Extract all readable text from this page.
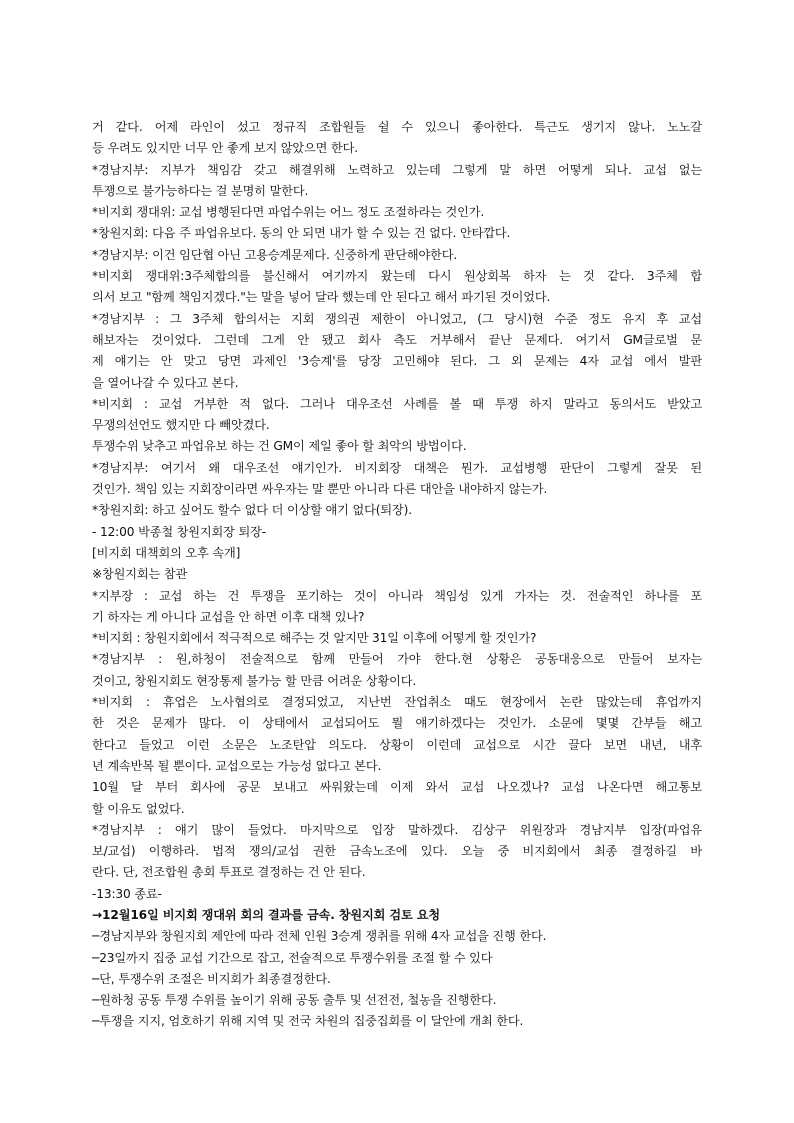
거 같다. 어제 라인이 섰고 정규직 조합원들 쉴 수 있으니 좋아한다. 특근도 생기지 않나. 노노갈
등 우려도 있지만 너무 안 좋게 보지 않았으면 한다.
*경남지부: 지부가 책임감 갖고 해결위해 노력하고 있는데 그렇게 말 하면 어떻게 되나. 교섭 없는
투쟁으로 불가능하다는 걸 분명히 말한다.
*비지회 쟁대위: 교섭 병행된다면 파업수위는 어느 정도 조절하라는 것인가.
*창원지회: 다음 주 파업유보다. 동의 안 되면 내가 할 수 있는 건 없다. 안타깝다.
*경남지부: 이건 임단협 아닌 고용승계문제다. 신중하게 판단해야한다.
*비지회 쟁대위:3주체합의를 불신해서 여기까지 왔는데 다시 원상회복 하자 는 것 같다. 3주체 합
의서 보고 "함께 책임지겠다."는 말을 넣어 달라 했는데 안 된다고 해서 파기된 것이었다.
*경남지부 : 그 3주체 합의서는 지회 쟁의권 제한이 아니었고, (그 당시)현 수준 정도 유지 후 교섭
해보자는 것이었다. 그런데 그게 안 됐고 회사 측도 거부해서 끝난 문제다. 여기서 GM글로벌 문
제 얘기는 안 맞고 당면 과제인 '3승계'를 당장 고민해야 된다. 그 외 문제는 4자 교섭 에서 발판
을 열어나갈 수 있다고 본다.
*비지회 : 교섭 거부한 적 없다. 그러나 대우조선 사례를 볼 때 투쟁 하지 말라고 동의서도 받았고
무쟁의선언도 했지만 다 빼앗겼다.
투쟁수위 낮추고 파업유보 하는 건 GM이 제일 좋아 할 최악의 방법이다.
*경남지부: 여기서 왜 대우조선 얘기인가. 비지회장 대책은 뭔가. 교섭병행 판단이 그렇게 잘못 된
것인가. 책임 있는 지회장이라면 싸우자는 말 뿐만 아니라 다른 대안을 내야하지 않는가.
*창원지회: 하고 싶어도 할수 없다 더 이상할 얘기 없다(퇴장).
- 12:00 박종철 창원지회장 퇴장-
[비지회 대책회의 오후 속개]
※창원지회는 참관
*지부장 : 교섭 하는 건 투쟁을 포기하는 것이 아니라 책임성 있게 가자는 것. 전술적인 하나를 포
기 하자는 게 아니다 교섭을 안 하면 이후 대책 있나?
*비지회 : 창원지회에서 적극적으로 해주는 것 알지만 31일 이후에 어떻게 할 것인가?
*경남지부 : 원,하청이 전술적으로 함께 만들어 가야 한다.현 상황은 공동대응으로 만들어 보자는
것이고, 창원지회도 현장통제 불가능 할 만큼 어려운 상황이다.
*비지회 : 휴업은 노사협의로 결정되었고, 지난번 잔업취소 때도 현장에서 논란 많았는데 휴업까지
한 것은 문제가 많다. 이 상태에서 교섭되어도 뭘 얘기하겠다는 것인가. 소문에 몇몇 간부들 해고
한다고 들었고 이런 소문은 노조탄압 의도다. 상황이 이런데 교섭으로 시간 끌다 보면 내년, 내후
년 계속반복 될 뿐이다. 교섭으로는 가능성 없다고 본다.
10월 달 부터 회사에 공문 보내고 싸워왔는데 이제 와서 교섭 나오겠나? 교섭 나온다면 해고통보
할 이유도 없었다.
*경남지부 : 얘기 많이 들었다. 마지막으로 입장 말하겠다. 김상구 위원장과 경남지부 입장(파업유
보/교섭) 이행하라. 법적 쟁의/교섭 권한 금속노조에 있다. 오늘 중 비지회에서 최종 결정하길 바
란다. 단, 전조합원 총회 투표로 결정하는 건 안 된다.
-13:30 종료-
→12월16일 비지회 쟁대위 회의 결과를 금속. 창원지회 검토 요청
─경남지부와 창원지회 제안에 따라 전체 인원 3승계 쟁취를 위해 4자 교섭을 진행 한다.
─23일까지 집중 교섭 기간으로 잡고, 전술적으로 투쟁수위를 조절 할 수 있다
─단, 투쟁수위 조절은 비지회가 최종결정한다.
─원하청 공동 투쟁 수위를 높이기 위해 공동 출투 및 선전전, 철농을 진행한다.
─투쟁을 지지, 엄호하기 위해 지역 및 전국 차원의 집중집회를 이 달안에 개최 한다.
